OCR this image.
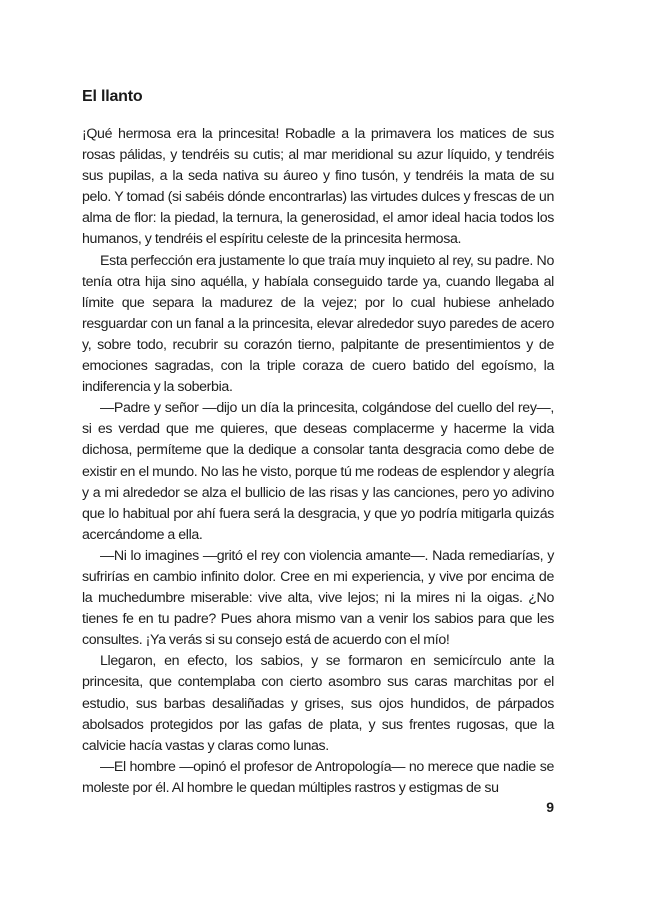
El llanto

¡Qué hermosa era la princesita! Robadle a la primavera los matices de sus rosas pálidas, y tendréis su cutis; al mar meridional su azur líquido, y tendréis sus pupilas, a la seda nativa su áureo y fino tusón, y tendréis la mata de su pelo. Y tomad (si sabéis dónde encontrarlas) las virtudes dulces y frescas de un alma de flor: la piedad, la ternura, la generosidad, el amor ideal hacia todos los humanos, y tendréis el espíritu celeste de la princesita hermosa.

Esta perfección era justamente lo que traía muy inquieto al rey, su padre. No tenía otra hija sino aquélla, y habíala conseguido tarde ya, cuando llegaba al límite que separa la madurez de la vejez; por lo cual hubiese anhelado resguardar con un fanal a la princesita, elevar alrededor suyo paredes de acero y, sobre todo, recubrir su corazón tierno, palpitante de presentimientos y de emociones sagradas, con la triple coraza de cuero batido del egoísmo, la indiferencia y la soberbia.

—Padre y señor —dijo un día la princesita, colgándose del cuello del rey—, si es verdad que me quieres, que deseas complacerme y hacerme la vida dichosa, permíteme que la dedique a consolar tanta desgracia como debe de existir en el mundo. No las he visto, porque tú me rodeas de esplendor y alegría y a mi alrededor se alza el bullicio de las risas y las canciones, pero yo adivino que lo habitual por ahí fuera será la desgracia, y que yo podría mitigarla quizás acercándome a ella.

—Ni lo imagines —gritó el rey con violencia amante—. Nada remediarías, y sufrirías en cambio infinito dolor. Cree en mi experiencia, y vive por encima de la muchedumbre miserable: vive alta, vive lejos; ni la mires ni la oigas. ¿No tienes fe en tu padre? Pues ahora mismo van a venir los sabios para que les consultes. ¡Ya verás si su consejo está de acuerdo con el mío!

Llegaron, en efecto, los sabios, y se formaron en semicírculo ante la princesita, que contemplaba con cierto asombro sus caras marchitas por el estudio, sus barbas desaliñadas y grises, sus ojos hundidos, de párpados abolsados protegidos por las gafas de plata, y sus frentes rugosas, que la calvicie hacía vastas y claras como lunas.

—El hombre —opinó el profesor de Antropología— no merece que nadie se moleste por él. Al hombre le quedan múltiples rastros y estigmas de su

9
